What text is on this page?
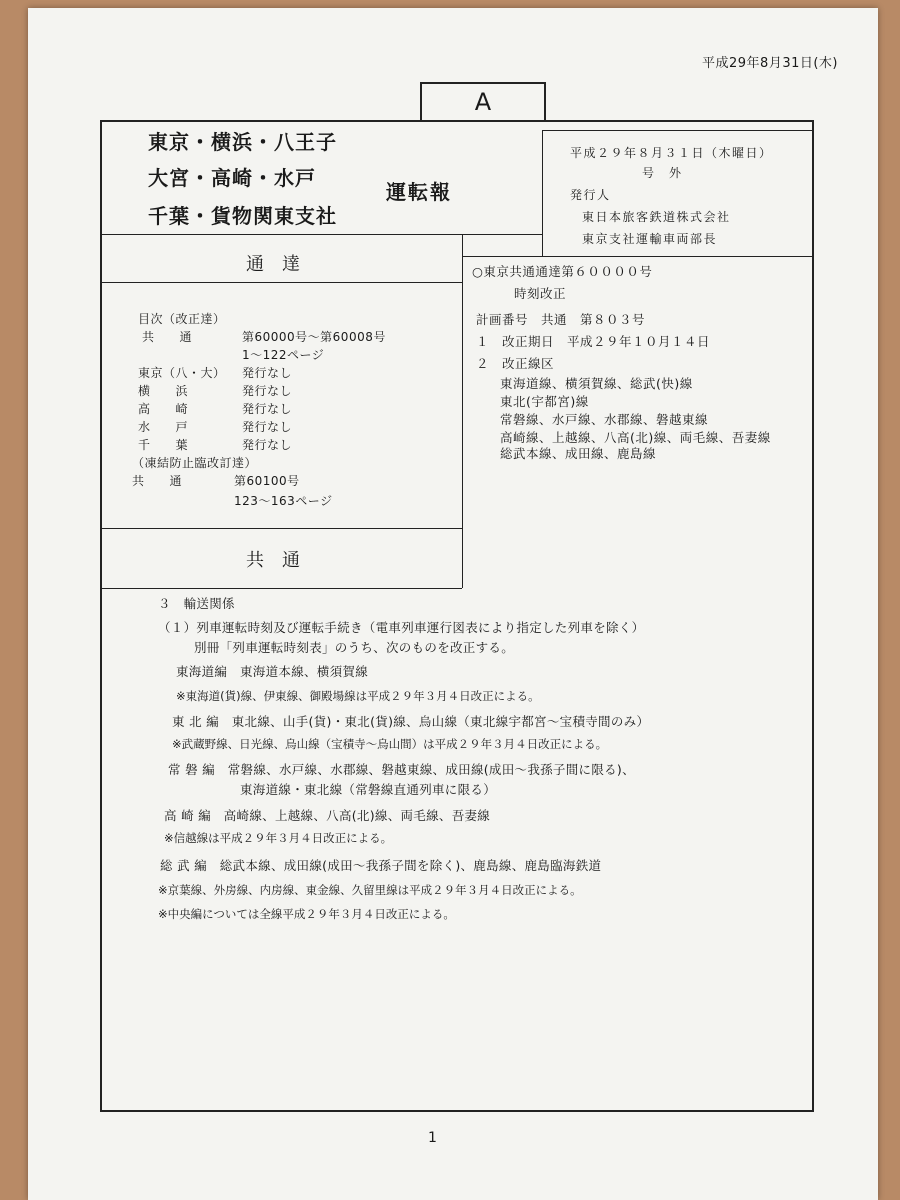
平成29年8月31日(木)
A
東京・横浜・八王子
大宮・高崎・水戸
千葉・貨物関東支社
運転報
平成２９年８月３１日（木曜日）
号　外
発行人
東日本旅客鉄道株式会社
東京支社運輸車両部長
通達
目次（改正達）
共　　通	第60000号～第60008号
1～122ページ
東京（八・大） 発行なし
横　　浜	発行なし
高　　崎	発行なし
水　　戸	発行なし
千　　葉	発行なし
（凍結防止臨改訂達）
共　　通	第60100号
123～163ページ
共通
○東京共通通達第６００００号
時刻改正
計画番号　共通　第８０３号
１　改正期日　平成２９年１０月１４日
２　改正線区
東海道線、横須賀線、総武(快)線
東北(宇都宮)線
常磐線、水戸線、水郡線、磐越東線
高崎線、上越線、八高(北)線、両毛線、吾妻線
総武本線、成田線、鹿島線
３　輸送関係
（１）列車運転時刻及び運転手続き（電車列車運行図表により指定した列車を除く）
別冊「列車運転時刻表」のうち、次のものを改正する。
東海道編　東海道本線、横須賀線
※東海道(貨)線、伊東線、御殿場線は平成２９年３月４日改正による。
東 北 編　東北線、山手(貨)・東北(貨)線、烏山線（東北線宇都宮～宝積寺間のみ）
※武蔵野線、日光線、烏山線（宝積寺～烏山間）は平成２９年３月４日改正による。
常 磐 編　常磐線、水戸線、水郡線、磐越東線、成田線(成田～我孫子間に限る)、
東海道線・東北線（常磐線直通列車に限る）
高 崎 編　高崎線、上越線、八高(北)線、両毛線、吾妻線
※信越線は平成２９年３月４日改正による。
総 武 編　総武本線、成田線(成田～我孫子間を除く)、鹿島線、鹿島臨海鉄道
※京葉線、外房線、内房線、東金線、久留里線は平成２９年３月４日改正による。
※中央編については全線平成２９年３月４日改正による。
1
